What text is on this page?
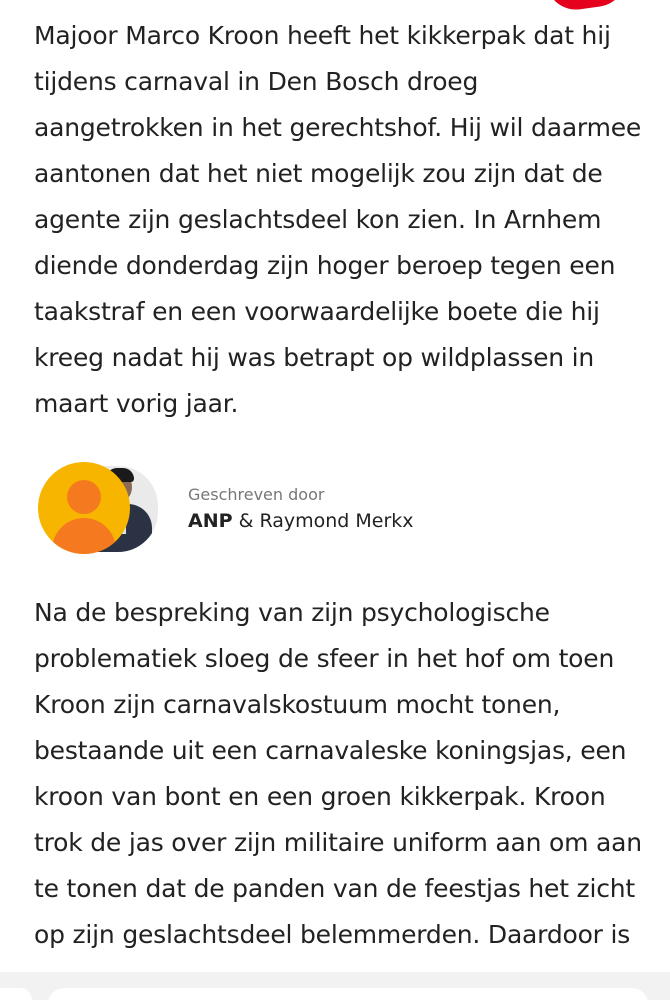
Majoor Marco Kroon heeft het kikkerpak dat hij tijdens carnaval in Den Bosch droeg aangetrokken in het gerechtshof. Hij wil daarmee aantonen dat het niet mogelijk zou zijn dat de agente zijn geslachtsdeel kon zien. In Arnhem diende donderdag zijn hoger beroep tegen een taakstraf en een voorwaardelijke boete die hij kreeg nadat hij was betrapt op wildplassen in maart vorig jaar.

Geschreven door
ANP & Raymond Merkx

Na de bespreking van zijn psychologische problematiek sloeg de sfeer in het hof om toen Kroon zijn carnavalskostuum mocht tonen, bestaande uit een carnavaleske koningsjas, een kroon van bont en een groen kikkerpak. Kroon trok de jas over zijn militaire uniform aan om aan te tonen dat de panden van de feestjas het zicht op zijn geslachtsdeel belemmerden. Daardoor is
